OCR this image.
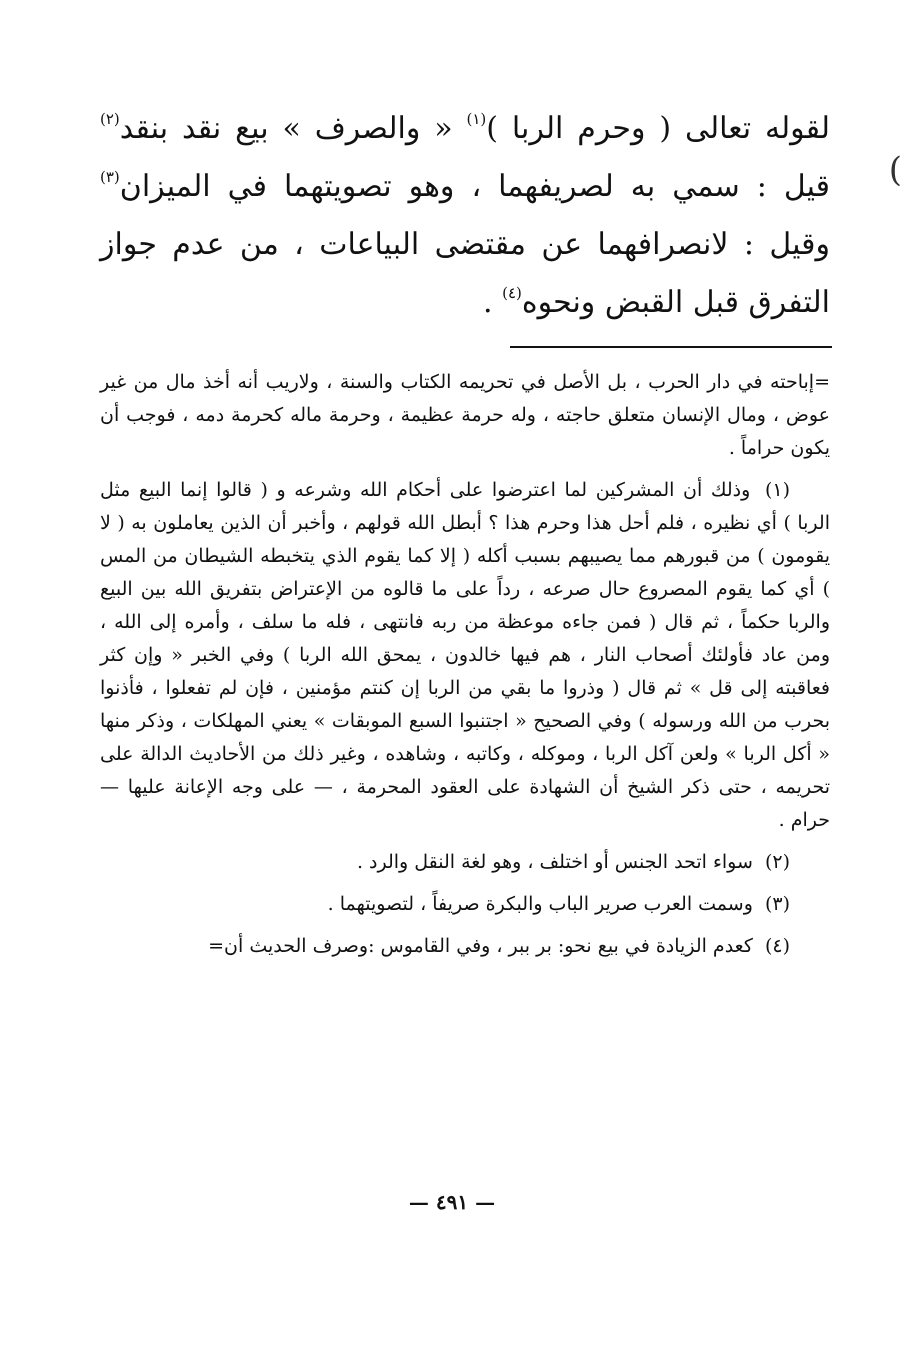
(

لقوله تعالى ( وحرم الربا )$^{(١)}$ « والصرف » بيع نقد بنقد$^{(٢)}$ قيل : سمي به لصريفهما ، وهو تصويتهما في الميزان$^{(٣)}$ وقيل : لانصرافهما عن مقتضى البياعات ، من عدم جواز التفرق قبل القبض ونحوه$^{(٤)}$ .

=إباحته في دار الحرب ، بل الأصل في تحريمه الكتاب والسنة ، ولاريب أنه أخذ مال من غير عوض ، ومال الإنسان متعلق حاجته ، وله حرمة عظيمة ، وحرمة ماله كحرمة دمه ، فوجب أن يكون حراماً .

(١) وذلك أن المشركين لما اعترضوا على أحكام الله وشرعه و ( قالوا إنما البيع مثل الربا ) أي نظيره ، فلم أحل هذا وحرم هذا ؟ أبطل الله قولهم ، وأخبر أن الذين يعاملون به ( لا يقومون ) من قبورهم مما يصيبهم بسبب أكله ( إلا كما يقوم الذي يتخبطه الشيطان من المس ) أي كما يقوم المصروع حال صرعه ، رداً على ما قالوه من الإعتراض بتفريق الله بين البيع والربا حكماً ، ثم قال ( فمن جاءه موعظة من ربه فانتهى ، فله ما سلف ، وأمره إلى الله ، ومن عاد فأولئك أصحاب النار ، هم فيها خالدون ، يمحق الله الربا ) وفي الخبر « وإن كثر فعاقبته إلى قل » ثم قال ( وذروا ما بقي من الربا إن كنتم مؤمنين ، فإن لم تفعلوا ، فأذنوا بحرب من الله ورسوله ) وفي الصحيح « اجتنبوا السبع الموبقات » يعني المهلكات ، وذكر منها « أكل الربا » ولعن آكل الربا ، وموكله ، وكاتبه ، وشاهده ، وغير ذلك من الأحاديث الدالة على تحريمه ، حتى ذكر الشيخ أن الشهادة على العقود المحرمة ، — على وجه الإعانة عليها — حرام .

(٢) سواء اتحد الجنس أو اختلف ، وهو لغة النقل والرد .

(٣) وسمت العرب صرير الباب والبكرة صريفاً ، لتصويتهما .

(٤) كعدم الزيادة في بيع نحو: بر ببر ، وفي القاموس :وصرف الحديث أن=

— ٤٩١ —
